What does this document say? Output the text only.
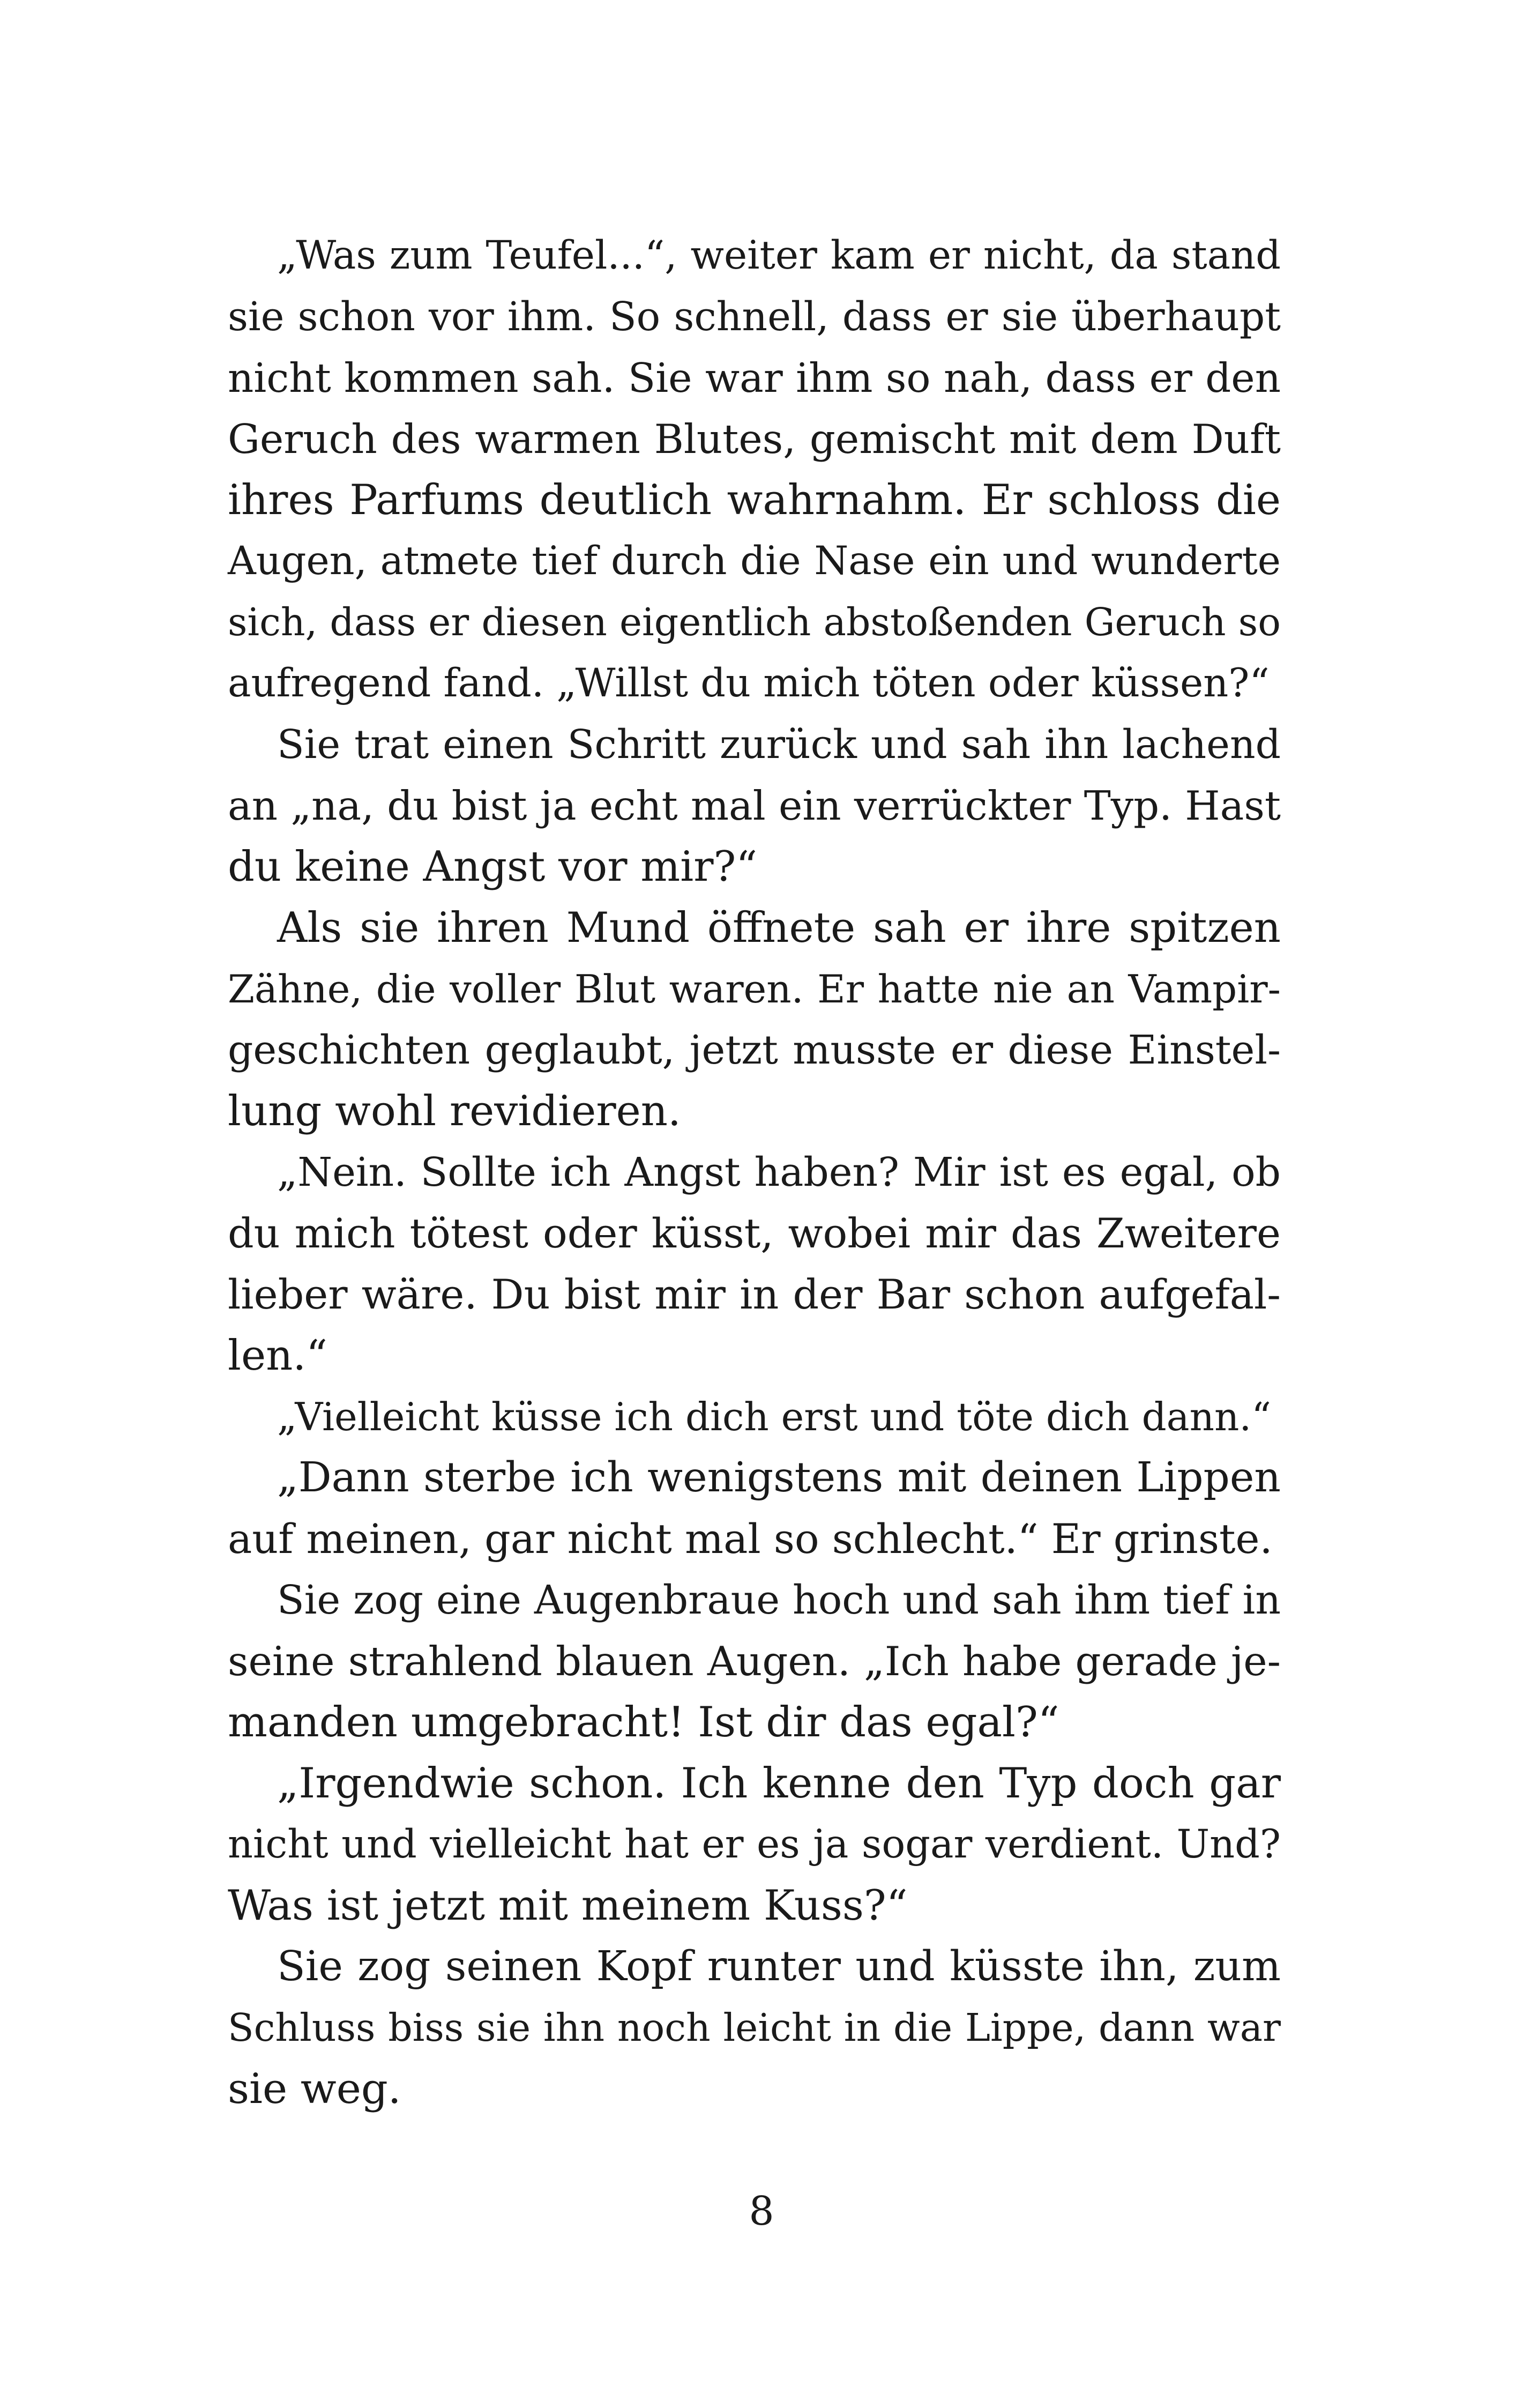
„Was zum Teufel...“, weiter kam er nicht, da stand
sie schon vor ihm. So schnell, dass er sie überhaupt
nicht kommen sah. Sie war ihm so nah, dass er den
Geruch des warmen Blutes, gemischt mit dem Duft
ihres Parfums deutlich wahrnahm. Er schloss die
Augen, atmete tief durch die Nase ein und wunderte
sich, dass er diesen eigentlich abstoßenden Geruch so
aufregend fand. „Willst du mich töten oder küssen?“
Sie trat einen Schritt zurück und sah ihn lachend
an „na, du bist ja echt mal ein verrückter Typ. Hast
du keine Angst vor mir?“
Als sie ihren Mund öffnete sah er ihre spitzen
Zähne, die voller Blut waren. Er hatte nie an Vampir-
geschichten geglaubt, jetzt musste er diese Einstel-
lung wohl revidieren.
„Nein. Sollte ich Angst haben? Mir ist es egal, ob
du mich tötest oder küsst, wobei mir das Zweitere
lieber wäre. Du bist mir in der Bar schon aufgefal-
len.“
„Vielleicht küsse ich dich erst und töte dich dann.“
„Dann sterbe ich wenigstens mit deinen Lippen
auf meinen, gar nicht mal so schlecht.“ Er grinste.
Sie zog eine Augenbraue hoch und sah ihm tief in
seine strahlend blauen Augen. „Ich habe gerade je-
manden umgebracht! Ist dir das egal?“
„Irgendwie schon. Ich kenne den Typ doch gar
nicht und vielleicht hat er es ja sogar verdient. Und?
Was ist jetzt mit meinem Kuss?“
Sie zog seinen Kopf runter und küsste ihn, zum
Schluss biss sie ihn noch leicht in die Lippe, dann war
sie weg.
8
